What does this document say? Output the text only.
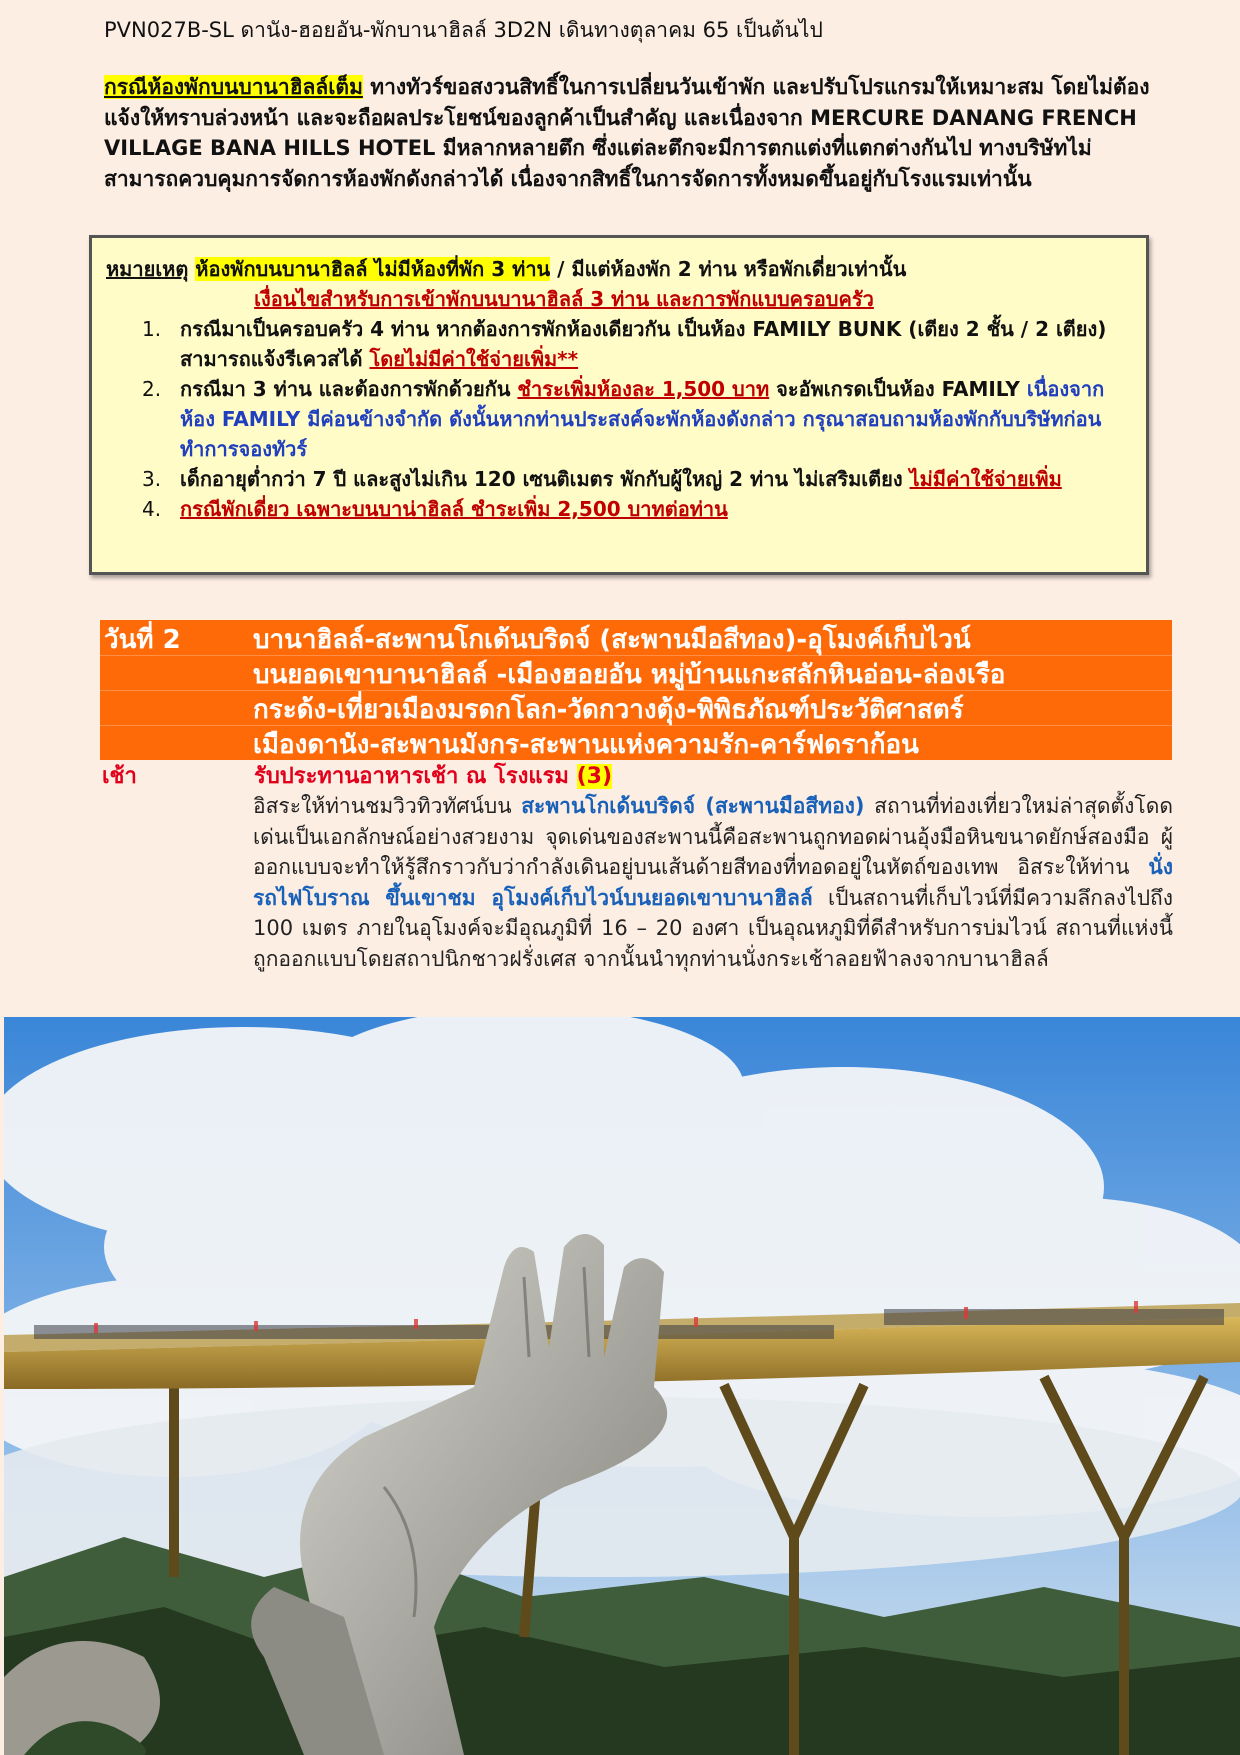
PVN027B-SL ดานัง-ฮอยอัน-พักบานาฮิลล์ 3D2N เดินทางตุลาคม 65 เป็นต้นไป
กรณีห้องพักบนบานาฮิลล์เต็ม ทางทัวร์ขอสงวนสิทธิ์ในการเปลี่ยนวันเข้าพัก และปรับโปรแกรมให้เหมาะสม โดยไม่ต้องแจ้งให้ทราบล่วงหน้า และจะถือผลประโยชน์ของลูกค้าเป็นสำคัญ และเนื่องจาก MERCURE DANANG FRENCH VILLAGE BANA HILLS HOTEL มีหลากหลายตึก ซึ่งแต่ละตึกจะมีการตกแต่งที่แตกต่างกันไป ทางบริษัทไม่สามารถควบคุมการจัดการห้องพักดังกล่าวได้ เนื่องจากสิทธิ์ในการจัดการทั้งหมดขึ้นอยู่กับโรงแรมเท่านั้น
หมายเหตุ ห้องพักบนบานาฮิลล์ ไม่มีห้องที่พัก 3 ท่าน / มีแต่ห้องพัก 2 ท่าน หรือพักเดี่ยวเท่านั้น
เงื่อนไขสำหรับการเข้าพักบนบานาฮิลล์ 3 ท่าน และการพักแบบครอบครัว
1. กรณีมาเป็นครอบครัว 4 ท่าน หากต้องการพักห้องเดียวกัน เป็นห้อง FAMILY BUNK (เตียง 2 ชั้น / 2 เตียง) สามารถแจ้งรีเควสได้ โดยไม่มีค่าใช้จ่ายเพิ่ม**
2. กรณีมา 3 ท่าน และต้องการพักด้วยกัน ชำระเพิ่มห้องละ 1,500 บาท จะอัพเกรดเป็นห้อง FAMILY เนื่องจากห้อง FAMILY มีค่อนข้างจำกัด ดังนั้นหากท่านประสงค์จะพักห้องดังกล่าว กรุณาสอบถามห้องพักกับบริษัทก่อนทำการจองทัวร์
3. เด็กอายุต่ำกว่า 7 ปี และสูงไม่เกิน 120 เซนติเมตร พักกับผู้ใหญ่ 2 ท่าน ไม่เสริมเตียง ไม่มีค่าใช้จ่ายเพิ่ม
4. กรณีพักเดี่ยว เฉพาะบนบาน่าฮิลล์ ชำระเพิ่ม 2,500 บาทต่อท่าน
วันที่ 2	บานาฮิลล์-สะพานโกเด้นบริดจ์ (สะพานมือสีทอง)-อุโมงค์เก็บไวน์
บนยอดเขาบานาฮิลล์ -เมืองฮอยอัน หมู่บ้านแกะสลักหินอ่อน-ล่องเรือ
กระด้ง-เที่ยวเมืองมรดกโลก-วัดกวางตุ้ง-พิพิธภัณฑ์ประวัติศาสตร์
เมืองดานัง-สะพานมังกร-สะพานแห่งความรัก-คาร์ฟดราก้อน
เช้า	รับประทานอาหารเช้า ณ โรงแรม (3)
อิสระให้ท่านชมวิวทิวทัศน์บน สะพานโกเด้นบริดจ์ (สะพานมือสีทอง) สถานที่ท่องเที่ยวใหม่ล่าสุดตั้งโดดเด่นเป็นเอกลักษณ์อย่างสวยงาม จุดเด่นของสะพานนี้คือสะพานถูกทอดผ่านอุ้งมือหินขนาดยักษ์สองมือ ผู้ออกแบบจะทำให้รู้สึกราวกับว่ากำลังเดินอยู่บนเส้นด้ายสีทองที่ทอดอยู่ในหัตถ์ของเทพ อิสระให้ท่าน นั่งรถไฟโบราณ ขึ้นเขาชม อุโมงค์เก็บไวน์บนยอดเขาบานาฮิลล์ เป็นสถานที่เก็บไวน์ที่มีความลึกลงไปถึง 100 เมตร ภายในอุโมงค์จะมีอุณภูมิที่ 16 – 20 องศา เป็นอุณหภูมิที่ดีสำหรับการบ่มไวน์ สถานที่แห่งนี้ถูกออกแบบโดยสถาปนิกชาวฝรั่งเศส จากนั้นนำทุกท่านนั่งกระเช้าลอยฟ้าลงจากบานาฮิลล์
